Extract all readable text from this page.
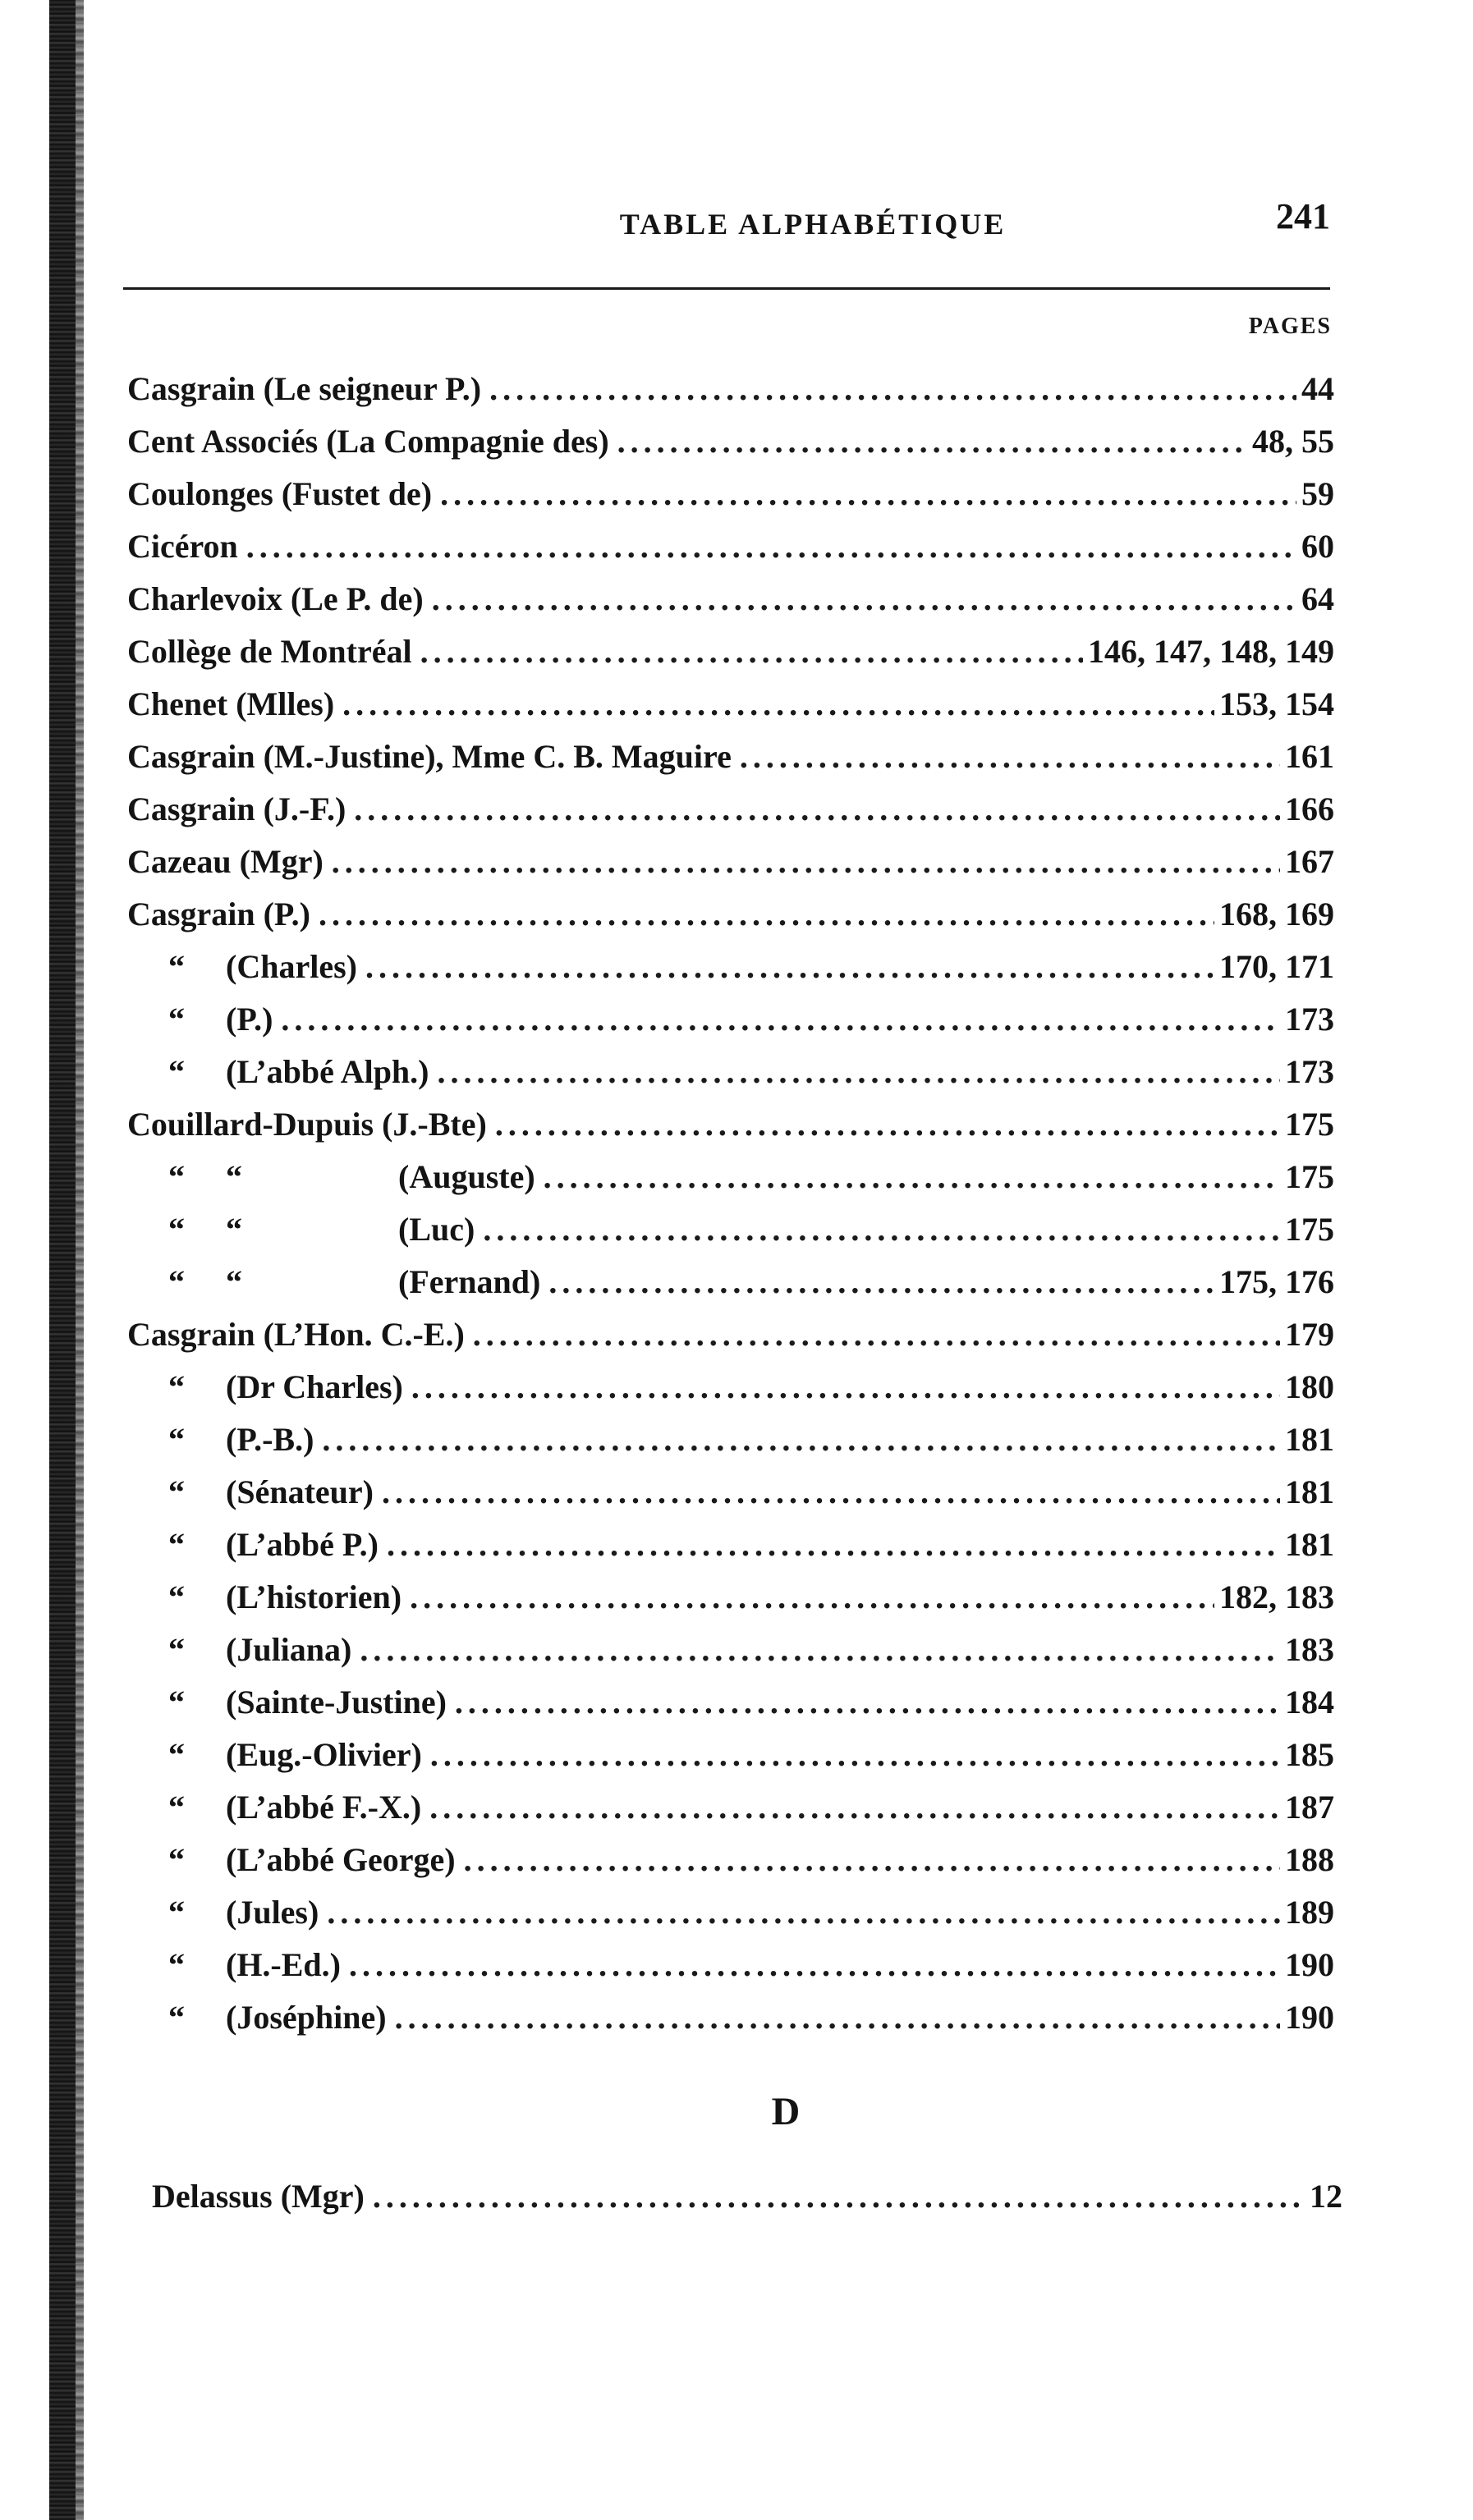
TABLE ALPHABÉTIQUE	241
PAGES
Casgrain (Le seigneur P.) .....	44
Cent Associés (La Compagnie des) .....	48, 55
Coulonges (Fustet de) .....	59
Cicéron .....	60
Charlevoix (Le P. de) .....	64
Collège de Montréal .....	146, 147, 148, 149
Chenet (Mlles) .....	153, 154
Casgrain (M.-Justine), Mme C. B. Maguire .....	161
Casgrain (J.-F.) .....	166
Cazeau (Mgr) .....	167
Casgrain (P.) .....	168, 169
“	(Charles) .....	170, 171
“	(P.) .....	173
“	(L’abbé Alph.) .....	173
Couillard-Dupuis (J.-Bte) .....	175
“	“	(Auguste) .....	175
“	“	(Luc) .....	175
“	“	(Fernand) .....	175, 176
Casgrain (L’Hon. C.-E.) .....	179
“	(Dr Charles) .....	180
“	(P.-B.) .....	181
“	(Sénateur) .....	181
“	(L’abbé P.) .....	181
“	(L’historien) .....	182, 183
“	(Juliana) .....	183
“	(Sainte-Justine) .....	184
“	(Eug.-Olivier) .....	185
“	(L’abbé F.-X.) .....	187
“	(L’abbé George) .....	188
“	(Jules) .....	189
“	(H.-Ed.) .....	190
“	(Joséphine) .....	190
D
Delassus (Mgr) .....	12
